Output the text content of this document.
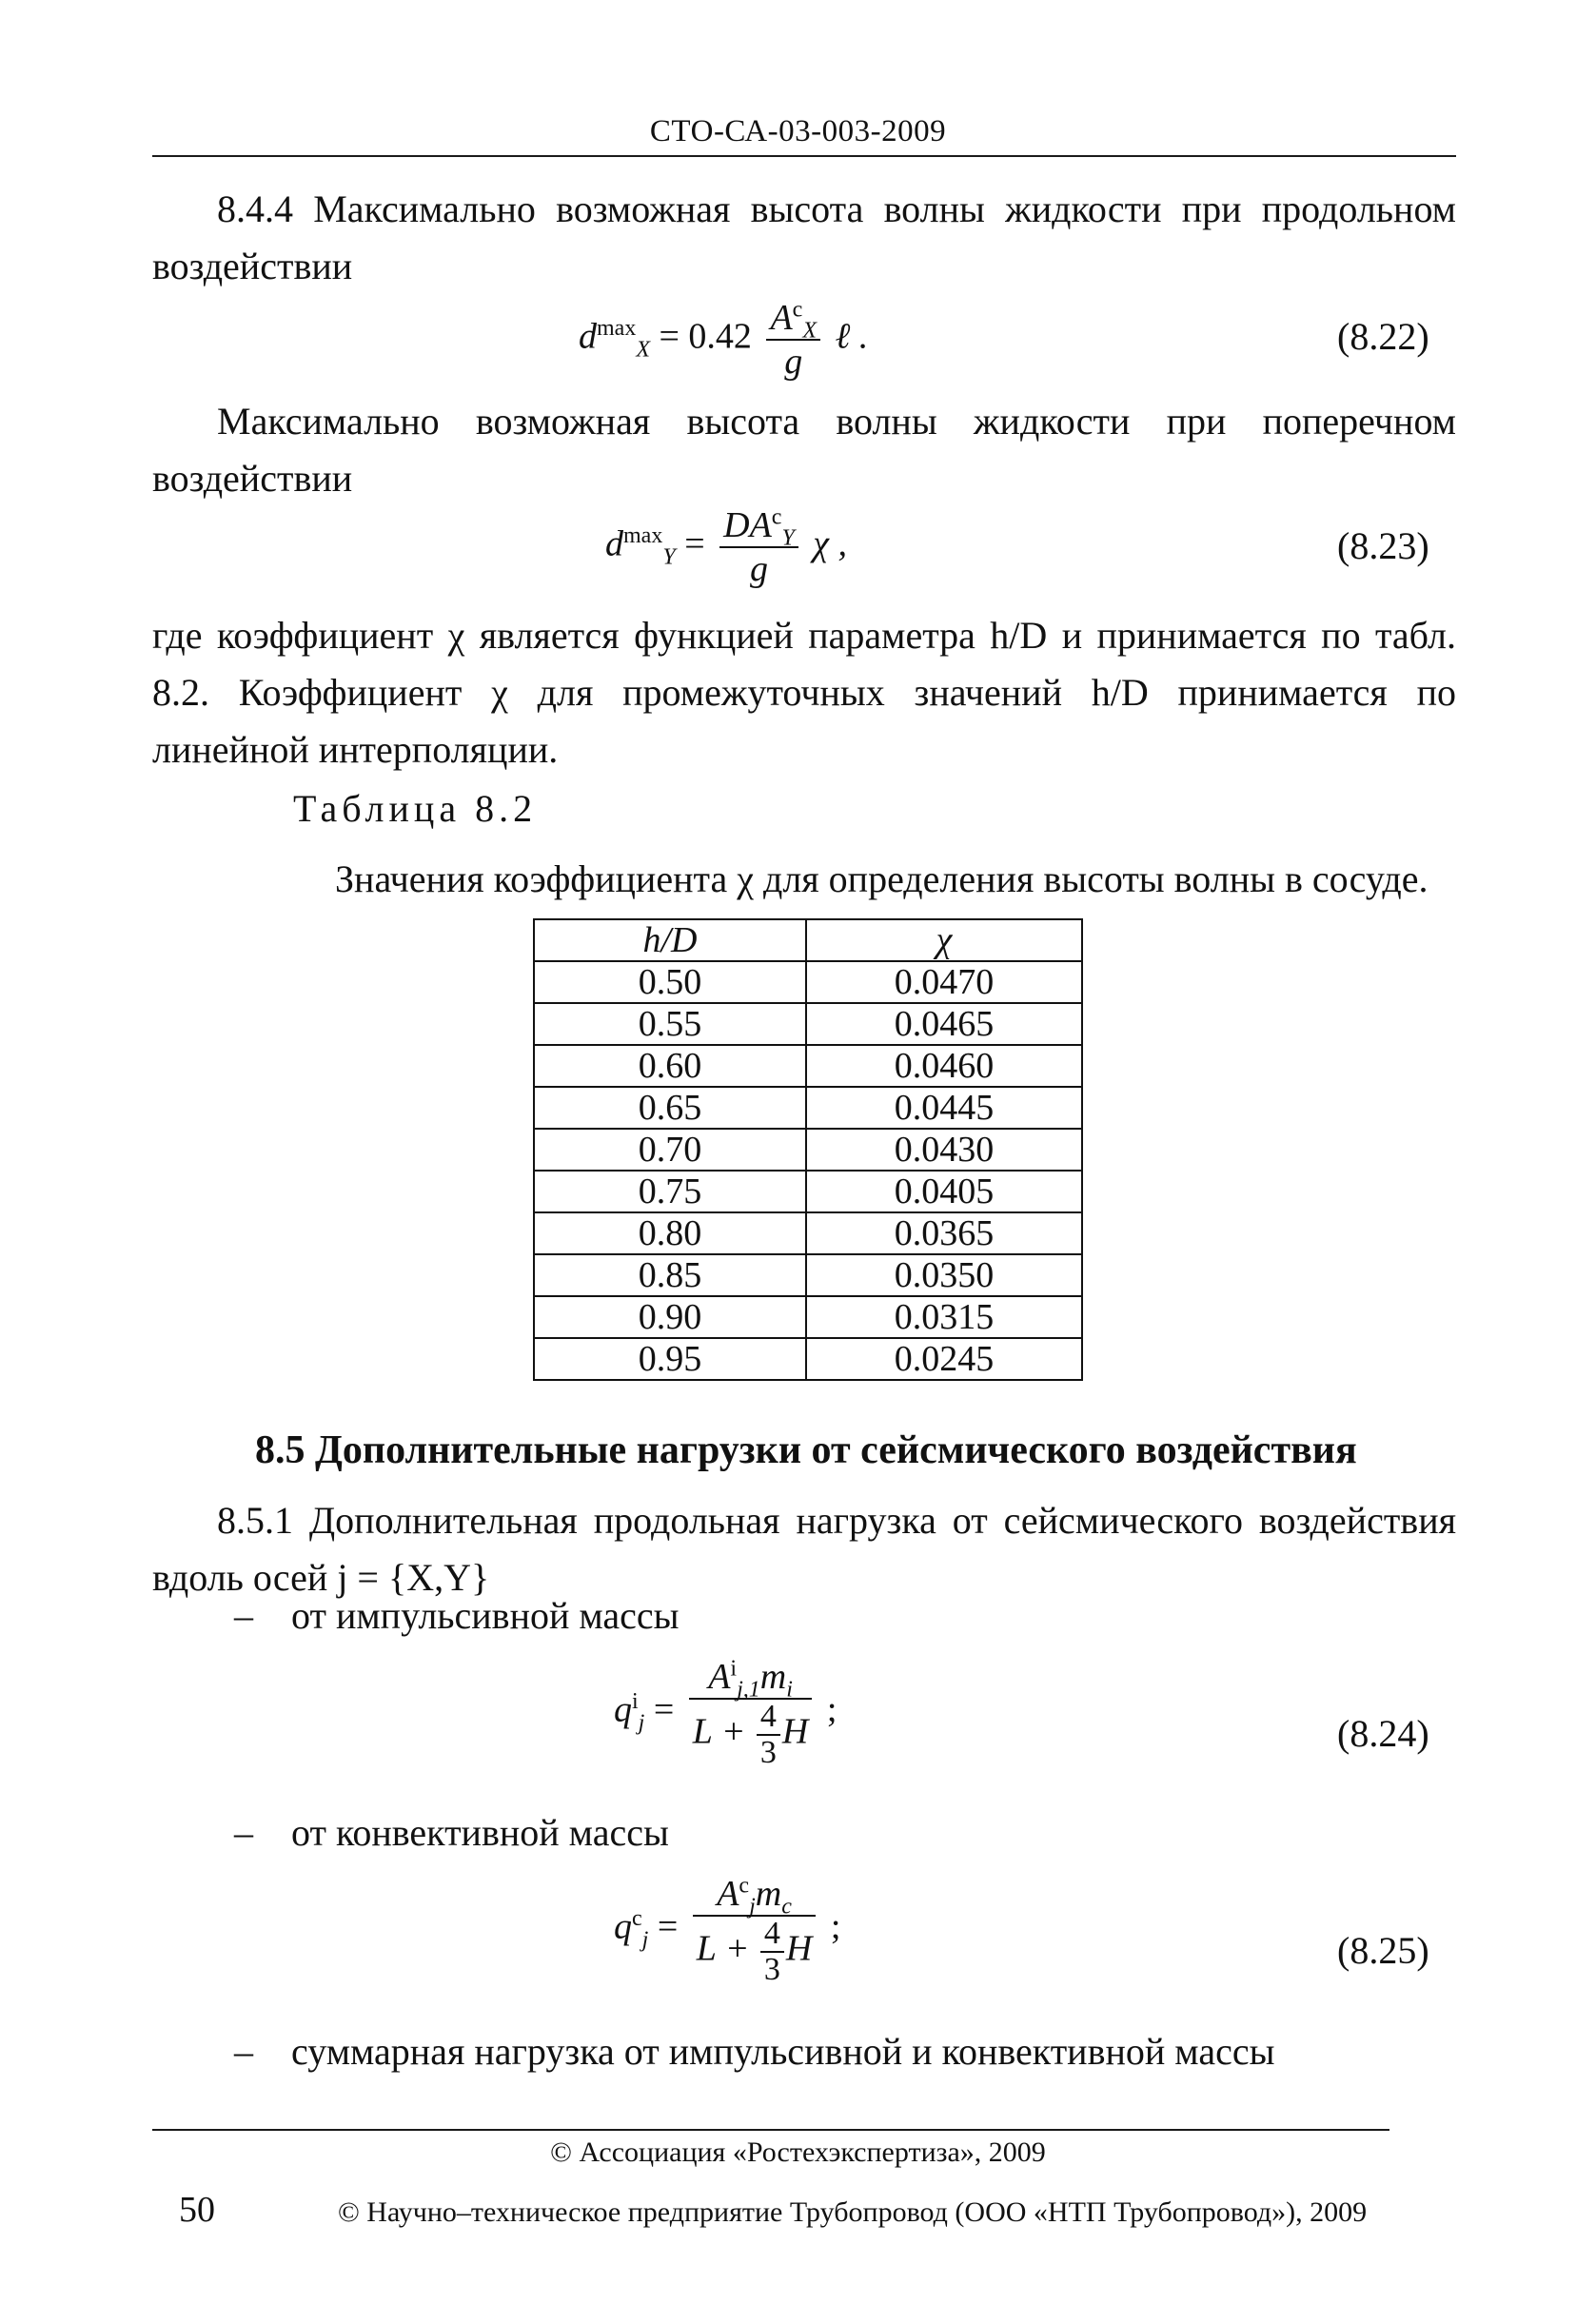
СТО-СА-03-003-2009
8.4.4 Максимально возможная высота волны жидкости при продольном воздействии
$d^{max}_X = 0.42 \frac{A^c_X}{g}$ ℓ .	(8.22)
Максимально возможная высота волны жидкости при поперечном воздействии
$d^{max}_Y = \frac{DA^c_Y}{g}$ χ ,	(8.23)
где коэффициент χ является функцией параметра h/D и принимается по табл. 8.2. Коэффициент χ для промежуточных значений h/D принимается по линейной интерполяции.
Таблица 8.2
Значения коэффициента χ для определения высоты волны в сосуде.
h/D	χ
0.50	0.0470
0.55	0.0465
0.60	0.0460
0.65	0.0445
0.70	0.0430
0.75	0.0405
0.80	0.0365
0.85	0.0350
0.90	0.0315
0.95	0.0245
8.5 Дополнительные нагрузки от сейсмического воздействия
8.5.1 Дополнительная продольная нагрузка от сейсмического воздействия вдоль осей j = {X,Y}
– от импульсивной массы
$q^i_j = \frac{A^i_{j,1}m_i}{L + \frac{4}{3} H}$ ;
(8.24)
– от конвективной массы
$q^c_j = \frac{A^c_jm_c}{L + \frac{4}{3} H}$ ;
(8.25)
– суммарная нагрузка от импульсивной и конвективной массы
© Ассоциация «Ростехэкспертиза», 2009
50	© Научно–техническое предприятие Трубопровод (ООО «НТП Трубопровод»), 2009
